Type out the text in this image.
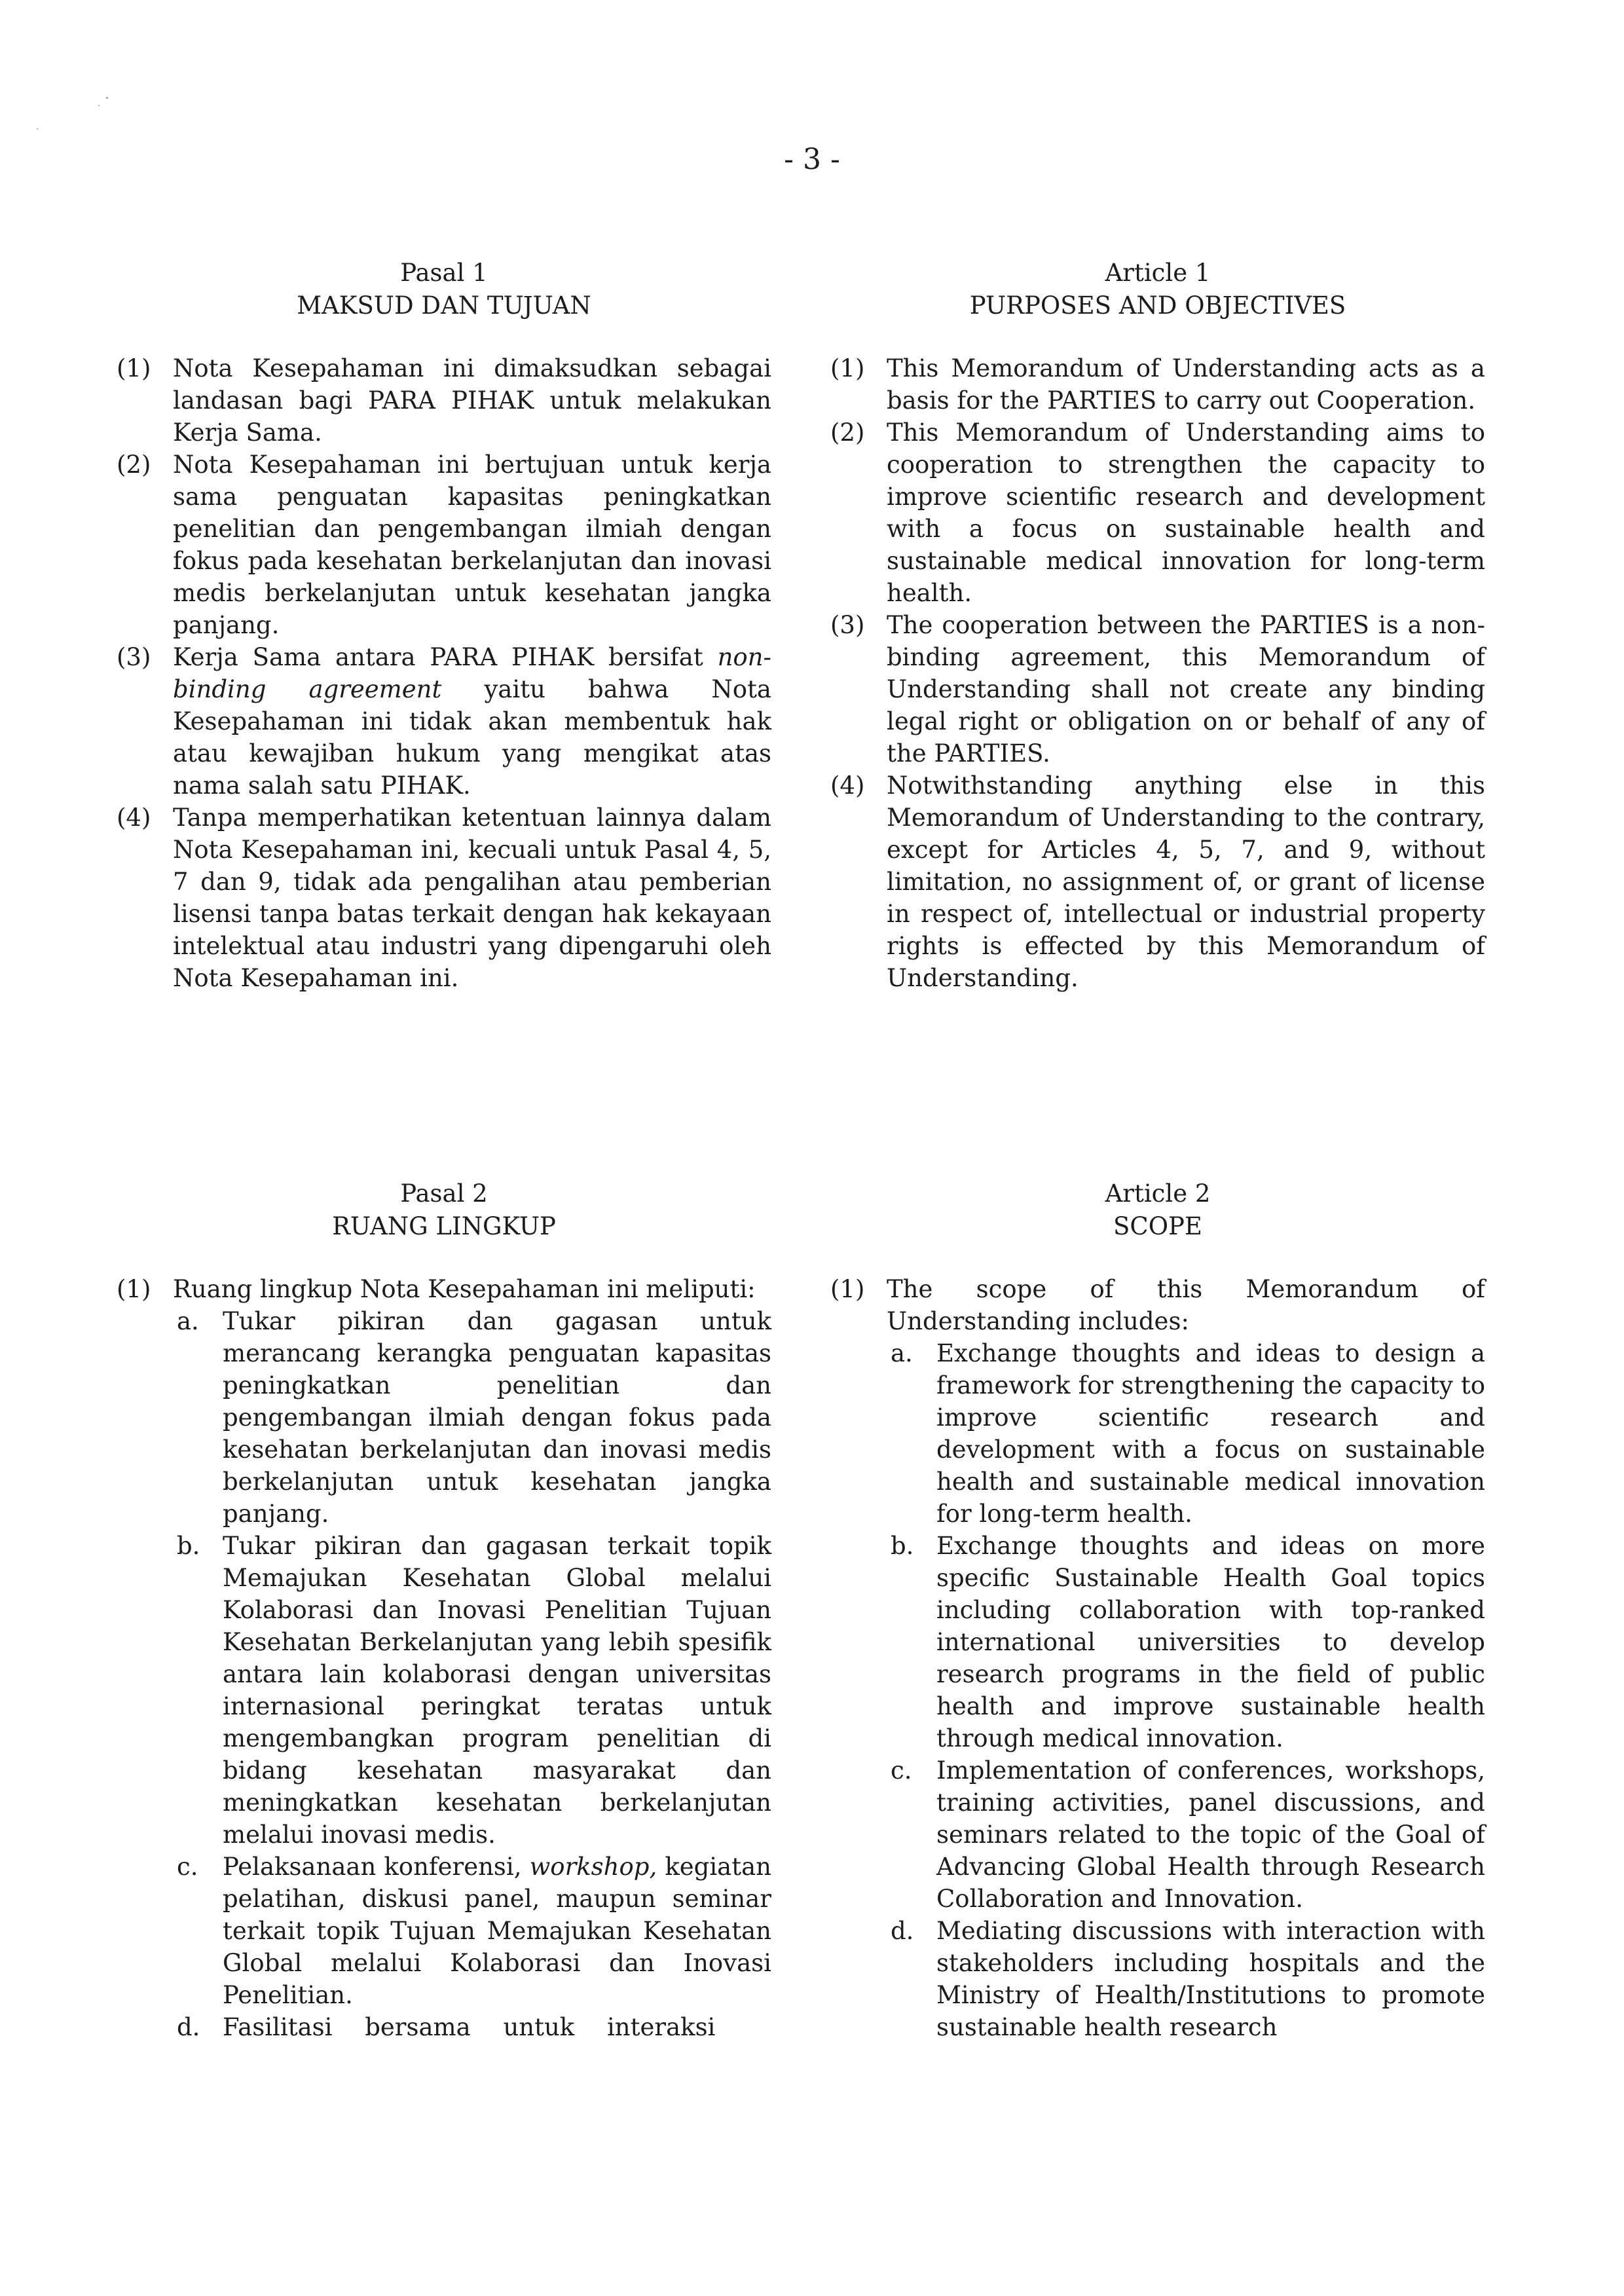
- 3 -
Pasal 1
MAKSUD DAN TUJUAN
(1) Nota Kesepahaman ini dimaksudkan sebagai landasan bagi PARA PIHAK untuk melakukan Kerja Sama.
(2) Nota Kesepahaman ini bertujuan untuk kerja sama penguatan kapasitas peningkatkan penelitian dan pengembangan ilmiah dengan fokus pada kesehatan berkelanjutan dan inovasi medis berkelanjutan untuk kesehatan jangka panjang.
(3) Kerja Sama antara PARA PIHAK bersifat non-binding agreement yaitu bahwa Nota Kesepahaman ini tidak akan membentuk hak atau kewajiban hukum yang mengikat atas nama salah satu PIHAK.
(4) Tanpa memperhatikan ketentuan lainnya dalam Nota Kesepahaman ini, kecuali untuk Pasal 4, 5, 7 dan 9, tidak ada pengalihan atau pemberian lisensi tanpa batas terkait dengan hak kekayaan intelektual atau industri yang dipengaruhi oleh Nota Kesepahaman ini.
Article 1
PURPOSES AND OBJECTIVES
(1) This Memorandum of Understanding acts as a basis for the PARTIES to carry out Cooperation.
(2) This Memorandum of Understanding aims to cooperation to strengthen the capacity to improve scientific research and development with a focus on sustainable health and sustainable medical innovation for long-term health.
(3) The cooperation between the PARTIES is a non-binding agreement, this Memorandum of Understanding shall not create any binding legal right or obligation on or behalf of any of the PARTIES.
(4) Notwithstanding anything else in this Memorandum of Understanding to the contrary, except for Articles 4, 5, 7, and 9, without limitation, no assignment of, or grant of license in respect of, intellectual or industrial property rights is effected by this Memorandum of Understanding.
Pasal 2
RUANG LINGKUP
(1) Ruang lingkup Nota Kesepahaman ini meliputi:
a. Tukar pikiran dan gagasan untuk merancang kerangka penguatan kapasitas peningkatkan penelitian dan pengembangan ilmiah dengan fokus pada kesehatan berkelanjutan dan inovasi medis berkelanjutan untuk kesehatan jangka panjang.
b. Tukar pikiran dan gagasan terkait topik Memajukan Kesehatan Global melalui Kolaborasi dan Inovasi Penelitian Tujuan Kesehatan Berkelanjutan yang lebih spesifik antara lain kolaborasi dengan universitas internasional peringkat teratas untuk mengembangkan program penelitian di bidang kesehatan masyarakat dan meningkatkan kesehatan berkelanjutan melalui inovasi medis.
c.	Pelaksanaan konferensi, workshop, kegiatan pelatihan, diskusi panel, maupun seminar terkait topik Tujuan Memajukan Kesehatan Global melalui Kolaborasi dan Inovasi Penelitian.
d. Fasilitasi bersama untuk interaksi
Article 2
SCOPE
(1) The scope of this Memorandum of Understanding includes:
a. Exchange thoughts and ideas to design a framework for strengthening the capacity to improve scientific research and development with a focus on sustainable health and sustainable medical innovation for long-term health.
b. Exchange thoughts and ideas on more specific Sustainable Health Goal topics including collaboration with top-ranked international universities to develop research programs in the field of public health and improve sustainable health through medical innovation.
c.	Implementation of conferences, workshops, training activities, panel discussions, and seminars related to the topic of the Goal of Advancing Global Health through Research Collaboration and Innovation.
d. Mediating discussions with interaction with stakeholders including hospitals and the Ministry of Health/Institutions to promote sustainable health research
